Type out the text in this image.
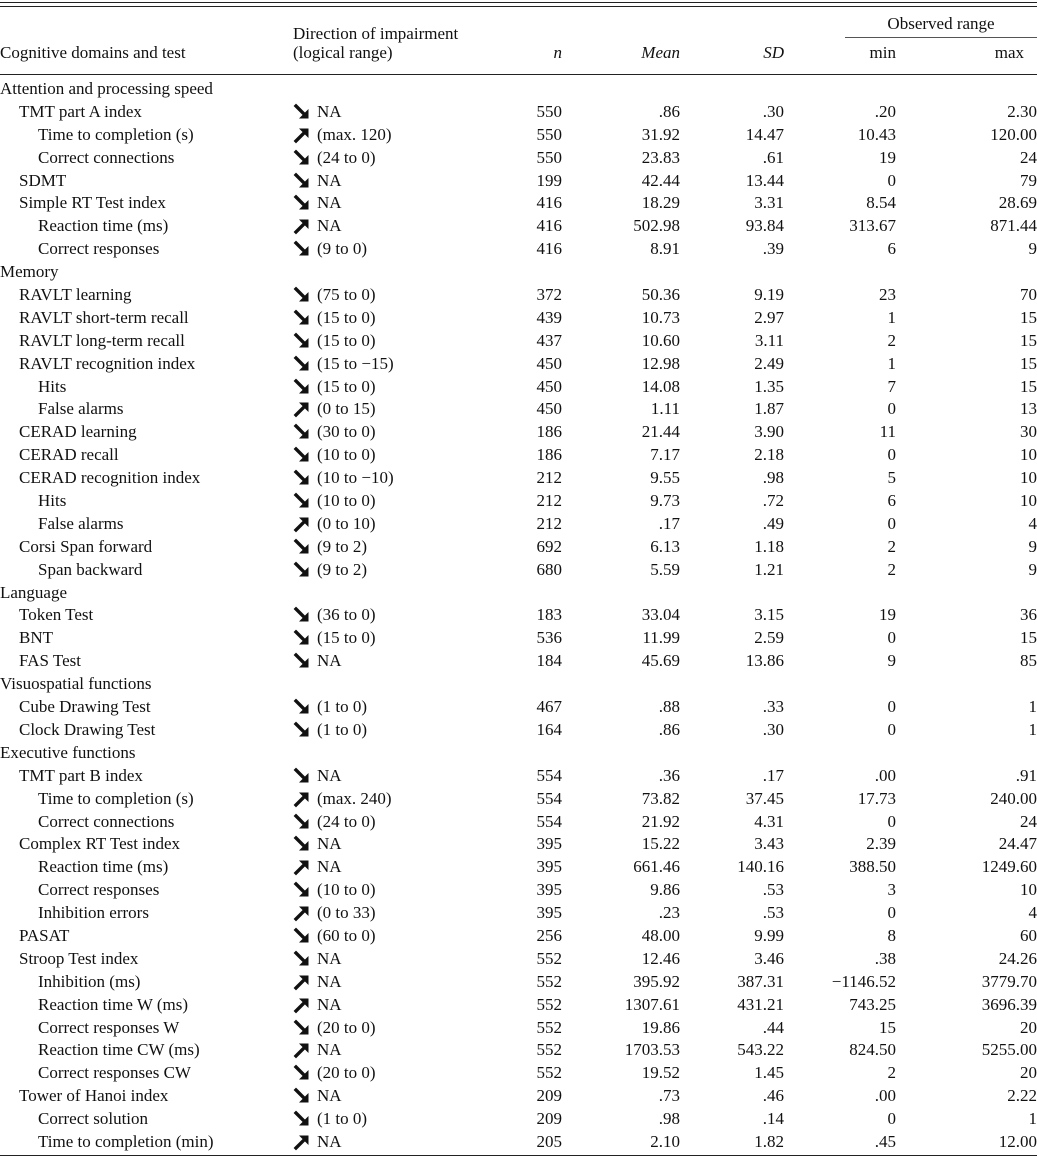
Cognitive domains and test
Direction of impairment
(logical range)	n	Mean	SD
Observed range
min	max
Attention and processing speed
TMT part A index	NA	550	.86	.30	.20	2.30
Time to completion (s)	(max. 120)	550	31.92	14.47	10.43	120.00
Correct connections	(24 to 0)	550	23.83	.61	19	24
SDMT	NA	199	42.44	13.44	0	79
Simple RT Test index	NA	416	18.29	3.31	8.54	28.69
Reaction time (ms)	NA	416	502.98	93.84	313.67	871.44
Correct responses	(9 to 0)	416	8.91	.39	6	9
Memory
RAVLT learning	(75 to 0)	372	50.36	9.19	23	70
RAVLT short-term recall	(15 to 0)	439	10.73	2.97	1	15
RAVLT long-term recall	(15 to 0)	437	10.60	3.11	2	15
RAVLT recognition index	(15 to −15)	450	12.98	2.49	1	15
Hits	(15 to 0)	450	14.08	1.35	7	15
False alarms	(0 to 15)	450	1.11	1.87	0	13
CERAD learning	(30 to 0)	186	21.44	3.90	11	30
CERAD recall	(10 to 0)	186	7.17	2.18	0	10
CERAD recognition index	(10 to −10)	212	9.55	.98	5	10
Hits	(10 to 0)	212	9.73	.72	6	10
False alarms	(0 to 10)	212	.17	.49	0	4
Corsi Span forward	(9 to 2)	692	6.13	1.18	2	9
Span backward	(9 to 2)	680	5.59	1.21	2	9
Language
Token Test	(36 to 0)	183	33.04	3.15	19	36
BNT	(15 to 0)	536	11.99	2.59	0	15
FAS Test	NA	184	45.69	13.86	9	85
Visuospatial functions
Cube Drawing Test	(1 to 0)	467	.88	.33	0	1
Clock Drawing Test	(1 to 0)	164	.86	.30	0	1
Executive functions
TMT part B index	NA	554	.36	.17	.00	.91
Time to completion (s)	(max. 240)	554	73.82	37.45	17.73	240.00
Correct connections	(24 to 0)	554	21.92	4.31	0	24
Complex RT Test index	NA	395	15.22	3.43	2.39	24.47
Reaction time (ms)	NA	395	661.46	140.16	388.50	1249.60
Correct responses	(10 to 0)	395	9.86	.53	3	10
Inhibition errors	(0 to 33)	395	.23	.53	0	4
PASAT	(60 to 0)	256	48.00	9.99	8	60
Stroop Test index	NA	552	12.46	3.46	.38	24.26
Inhibition (ms)	NA	552	395.92	387.31	−1146.52	3779.70
Reaction time W (ms)	NA	552	1307.61	431.21	743.25	3696.39
Correct responses W	(20 to 0)	552	19.86	.44	15	20
Reaction time CW (ms)	NA	552	1703.53	543.22	824.50	5255.00
Correct responses CW	(20 to 0)	552	19.52	1.45	2	20
Tower of Hanoi index	NA	209	.73	.46	.00	2.22
Correct solution	(1 to 0)	209	.98	.14	0	1
Time to completion (min)	NA	205	2.10	1.82	.45	12.00
